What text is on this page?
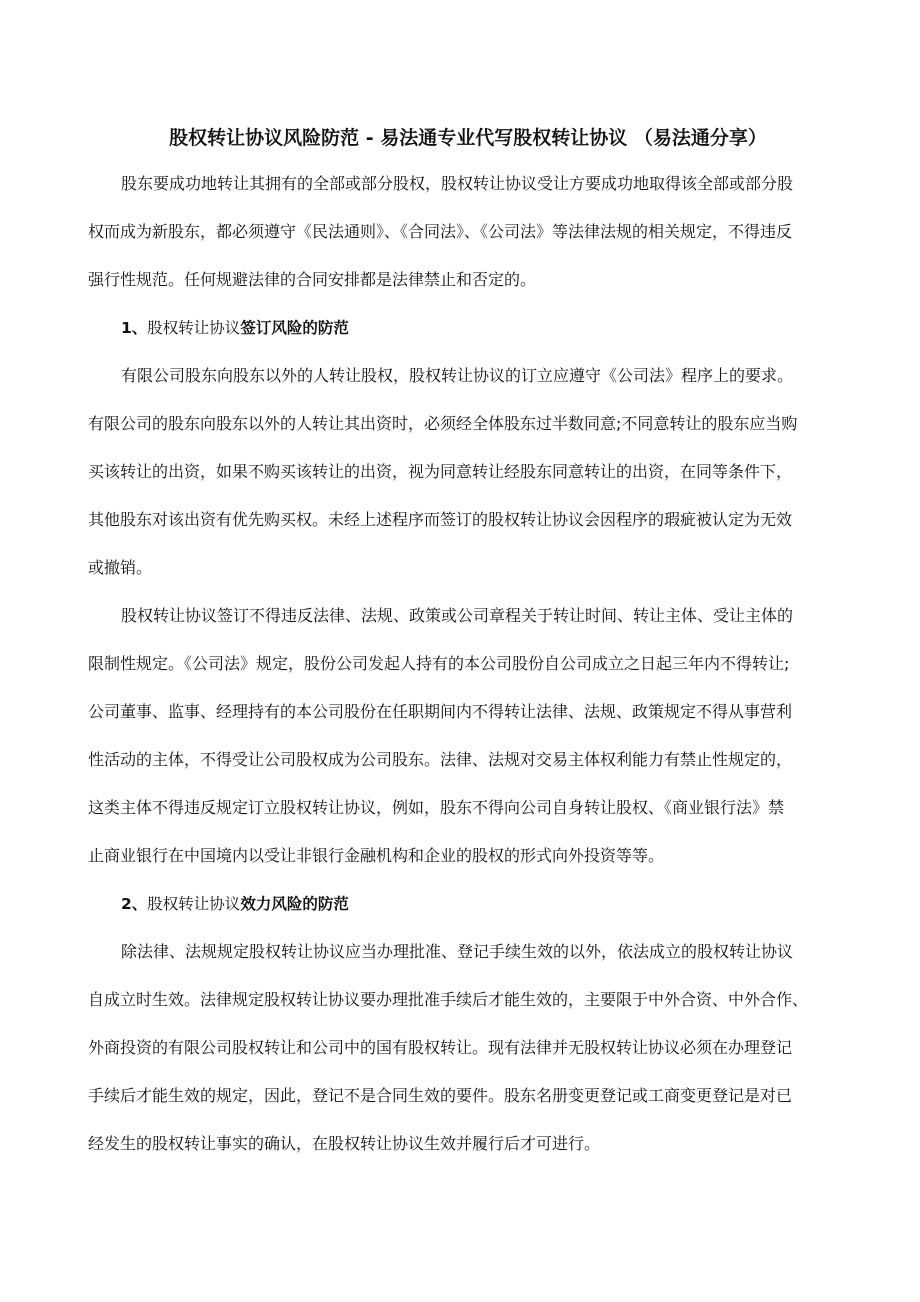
股权转让协议风险防范 - 易法通专业代写股权转让协议 （易法通分享）
股东要成功地转让其拥有的全部或部分股权，股权转让协议受让方要成功地取得该全部或部分股
权而成为新股东，都必须遵守《民法通则》、《合同法》、《公司法》等法律法规的相关规定，不得违反
强行性规范。任何规避法律的合同安排都是法律禁止和否定的。
1、股权转让协议签订风险的防范
有限公司股东向股东以外的人转让股权，股权转让协议的订立应遵守《公司法》程序上的要求。
有限公司的股东向股东以外的人转让其出资时，必须经全体股东过半数同意;不同意转让的股东应当购
买该转让的出资，如果不购买该转让的出资，视为同意转让经股东同意转让的出资，在同等条件下，
其他股东对该出资有优先购买权。未经上述程序而签订的股权转让协议会因程序的瑕疵被认定为无效
或撤销。
股权转让协议签订不得违反法律、法规、政策或公司章程关于转让时间、转让主体、受让主体的
限制性规定。《公司法》规定，股份公司发起人持有的本公司股份自公司成立之日起三年内不得转让;
公司董事、监事、经理持有的本公司股份在任职期间内不得转让法律、法规、政策规定不得从事营利
性活动的主体，不得受让公司股权成为公司股东。法律、法规对交易主体权利能力有禁止性规定的，
这类主体不得违反规定订立股权转让协议，例如，股东不得向公司自身转让股权、《商业银行法》禁
止商业银行在中国境内以受让非银行金融机构和企业的股权的形式向外投资等等。
2、股权转让协议效力风险的防范
除法律、法规规定股权转让协议应当办理批准、登记手续生效的以外，依法成立的股权转让协议
自成立时生效。法律规定股权转让协议要办理批准手续后才能生效的，主要限于中外合资、中外合作、
外商投资的有限公司股权转让和公司中的国有股权转让。现有法律并无股权转让协议必须在办理登记
手续后才能生效的规定，因此，登记不是合同生效的要件。股东名册变更登记或工商变更登记是对已
经发生的股权转让事实的确认，在股权转让协议生效并履行后才可进行。
